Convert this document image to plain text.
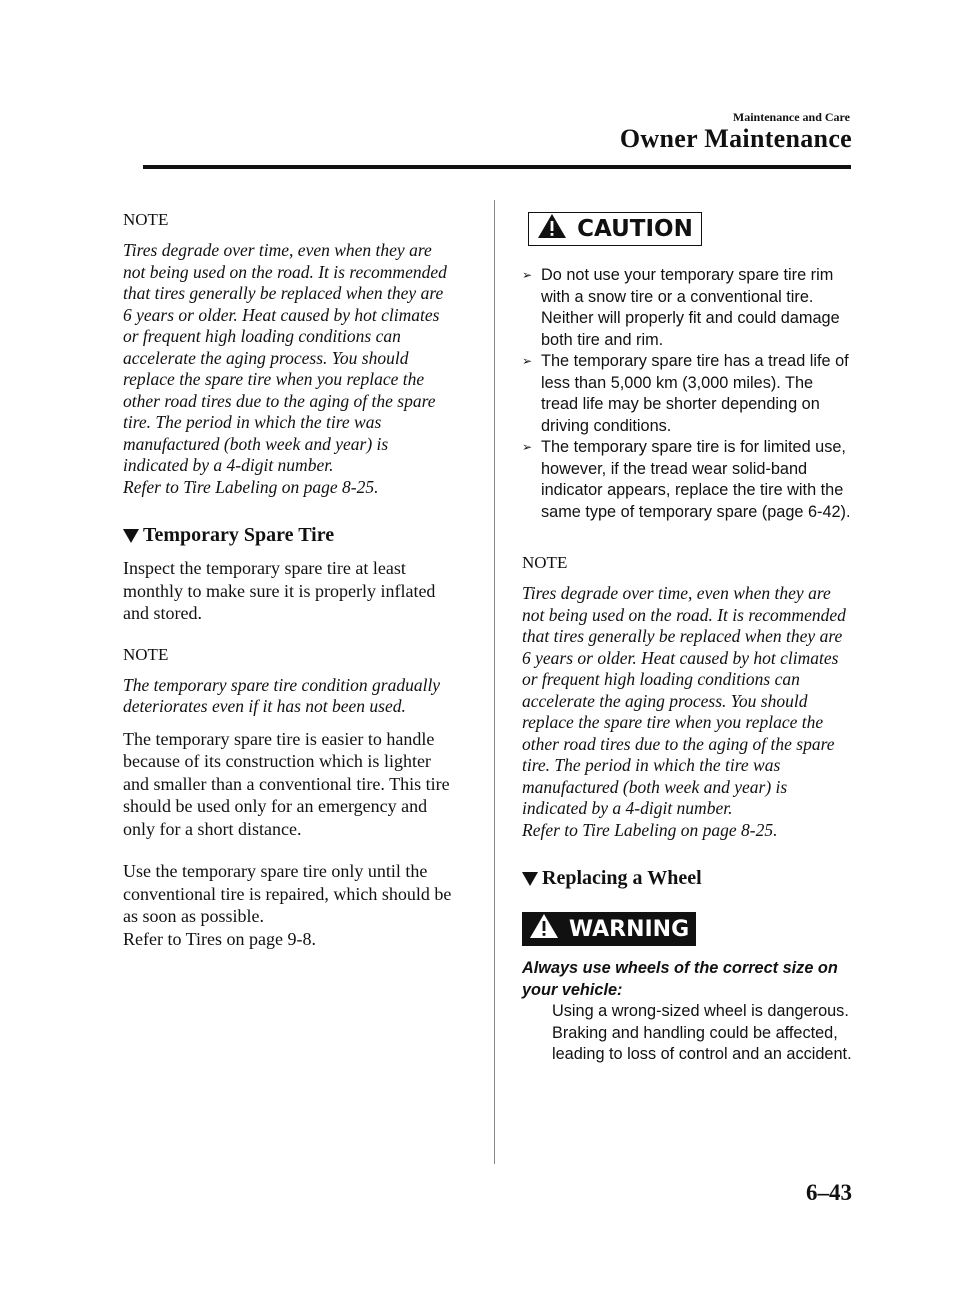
Maintenance and Care
Owner Maintenance
NOTE

Tires degrade over time, even when they are not being used on the road. It is recommended that tires generally be replaced when they are 6 years or older. Heat caused by hot climates or frequent high loading conditions can accelerate the aging process. You should replace the spare tire when you replace the other road tires due to the aging of the spare tire. The period in which the tire was manufactured (both week and year) is indicated by a 4-digit number.

Refer to Tire Labeling on page 8-25.

Temporary Spare Tire

Inspect the temporary spare tire at least monthly to make sure it is properly inflated and stored.

NOTE

The temporary spare tire condition gradually deteriorates even if it has not been used.

The temporary spare tire is easier to handle because of its construction which is lighter and smaller than a conventional tire. This tire should be used only for an emergency and only for a short distance.

Use the temporary spare tire only until the conventional tire is repaired, which should be as soon as possible.

Refer to Tires on page 9-8.

CAUTION
➢ Do not use your temporary spare tire rim with a snow tire or a conventional tire. Neither will properly fit and could damage both tire and rim.
➢ The temporary spare tire has a tread life of less than 5,000 km (3,000 miles). The tread life may be shorter depending on driving conditions.
➢ The temporary spare tire is for limited use, however, if the tread wear solid-band indicator appears, replace the tire with the same type of temporary spare (page 6-42).
NOTE

Tires degrade over time, even when they are not being used on the road. It is recommended that tires generally be replaced when they are 6 years or older. Heat caused by hot climates or frequent high loading conditions can accelerate the aging process. You should replace the spare tire when you replace the other road tires due to the aging of the spare tire. The period in which the tire was manufactured (both week and year) is indicated by a 4-digit number.

Refer to Tire Labeling on page 8-25.

Replacing a Wheel
WARNING

Always use wheels of the correct size on your vehicle:

Using a wrong-sized wheel is dangerous. Braking and handling could be affected, leading to loss of control and an accident.

6–43
